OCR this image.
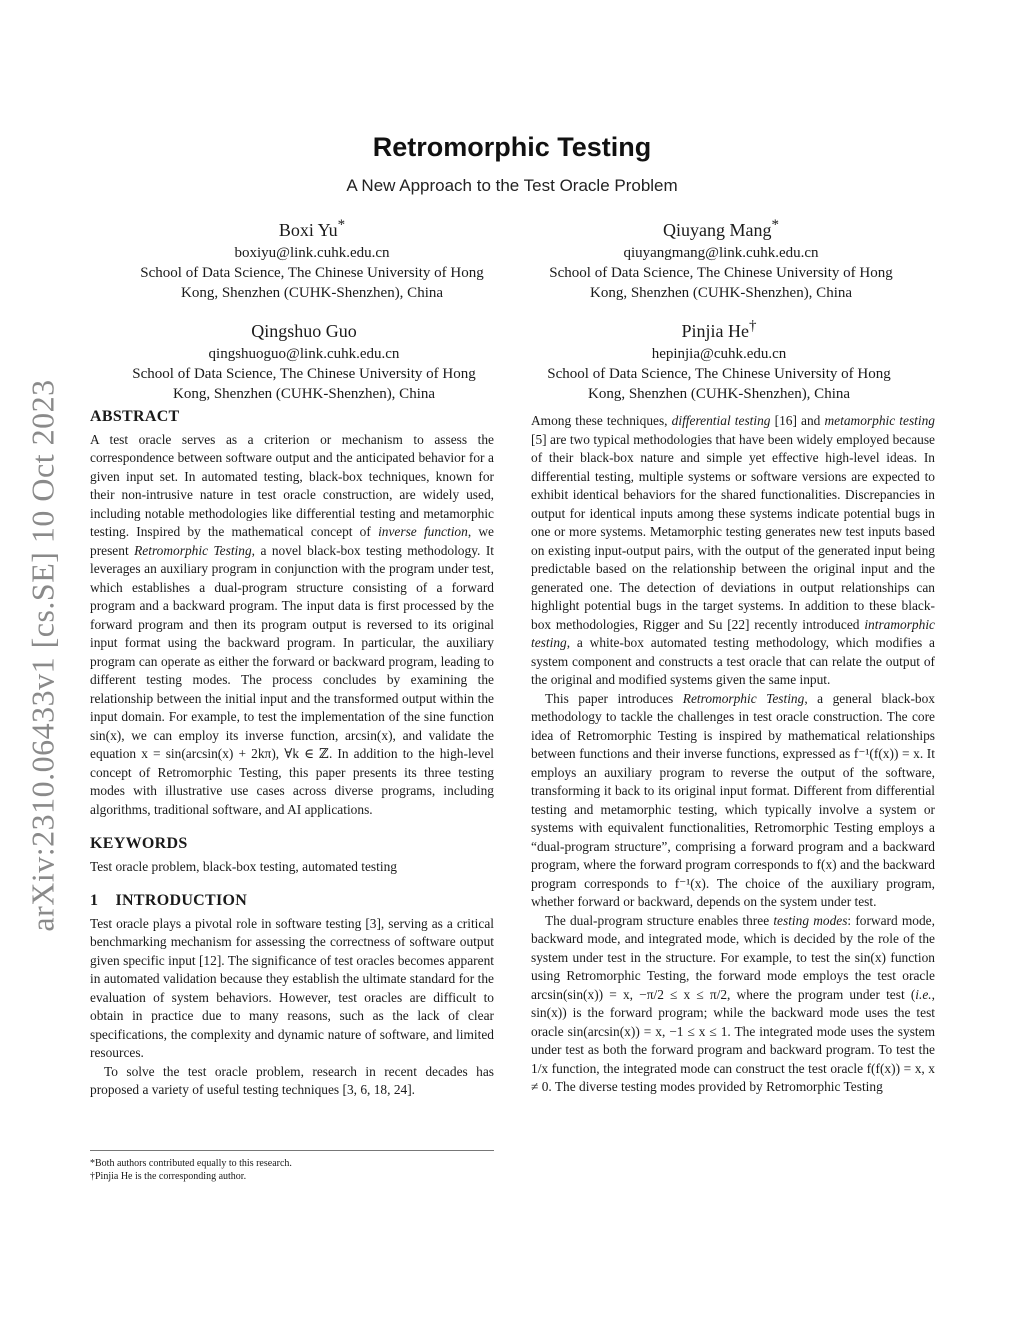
arXiv:2310.06433v1 [cs.SE] 10 Oct 2023
Retromorphic Testing
A New Approach to the Test Oracle Problem
Boxi Yu*
boxiyu@link.cuhk.edu.cn
School of Data Science, The Chinese University of Hong
Kong, Shenzhen (CUHK-Shenzhen), China
Qiuyang Mang*
qiuyangmang@link.cuhk.edu.cn
School of Data Science, The Chinese University of Hong
Kong, Shenzhen (CUHK-Shenzhen), China
Qingshuo Guo
qingshuoguo@link.cuhk.edu.cn
School of Data Science, The Chinese University of Hong
Kong, Shenzhen (CUHK-Shenzhen), China
Pinjia He†
hepinjia@cuhk.edu.cn
School of Data Science, The Chinese University of Hong
Kong, Shenzhen (CUHK-Shenzhen), China
ABSTRACT

A test oracle serves as a criterion or mechanism to assess the correspondence between software output and the anticipated behavior for a given input set. In automated testing, black-box techniques, known for their non-intrusive nature in test oracle construction, are widely used, including notable methodologies like differential testing and metamorphic testing. Inspired by the mathematical concept of inverse function, we present Retromorphic Testing, a novel black-box testing methodology. It leverages an auxiliary program in conjunction with the program under test, which establishes a dual-program structure consisting of a forward program and a backward program. The input data is first processed by the forward program and then its program output is reversed to its original input format using the backward program. In particular, the auxiliary program can operate as either the forward or backward program, leading to different testing modes. The process concludes by examining the relationship between the initial input and the transformed output within the input domain. For example, to test the implementation of the sine function sin(x), we can employ its inverse function, arcsin(x), and validate the equation x = sin(arcsin(x) + 2kπ), ∀k ∈ ℤ. In addition to the high-level concept of Retromorphic Testing, this paper presents its three testing modes with illustrative use cases across diverse programs, including algorithms, traditional software, and AI applications.

KEYWORDS

Test oracle problem, black-box testing, automated testing

1 INTRODUCTION

Test oracle plays a pivotal role in software testing [3], serving as a critical benchmarking mechanism for assessing the correctness of software output given specific input [12]. The significance of test oracles becomes apparent in automated validation because they establish the ultimate standard for the evaluation of system behaviors. However, test oracles are difficult to obtain in practice due to many reasons, such as the lack of clear specifications, the complexity and dynamic nature of software, and limited resources.

To solve the test oracle problem, research in recent decades has proposed a variety of useful testing techniques [3, 6, 18, 24].

*Both authors contributed equally to this research.
†Pinjia He is the corresponding author.

Among these techniques, differential testing [16] and metamorphic testing [5] are two typical methodologies that have been widely employed because of their black-box nature and simple yet effective high-level ideas. In differential testing, multiple systems or software versions are expected to exhibit identical behaviors for the shared functionalities. Discrepancies in output for identical inputs among these systems indicate potential bugs in one or more systems. Metamorphic testing generates new test inputs based on existing input-output pairs, with the output of the generated input being predictable based on the relationship between the original input and the generated one. The detection of deviations in output relationships can highlight potential bugs in the target systems. In addition to these black-box methodologies, Rigger and Su [22] recently introduced intramorphic testing, a white-box automated testing methodology, which modifies a system component and constructs a test oracle that can relate the output of the original and modified systems given the same input.

This paper introduces Retromorphic Testing, a general black-box methodology to tackle the challenges in test oracle construction. The core idea of Retromorphic Testing is inspired by mathematical relationships between functions and their inverse functions, expressed as f⁻¹(f(x)) = x. It employs an auxiliary program to reverse the output of the software, transforming it back to its original input format. Different from differential testing and metamorphic testing, which typically involve a system or systems with equivalent functionalities, Retromorphic Testing employs a “dual-program structure”, comprising a forward program and a backward program, where the forward program corresponds to f(x) and the backward program corresponds to f⁻¹(x). The choice of the auxiliary program, whether forward or backward, depends on the system under test.

The dual-program structure enables three testing modes: forward mode, backward mode, and integrated mode, which is decided by the role of the system under test in the structure. For example, to test the sin(x) function using Retromorphic Testing, the forward mode employs the test oracle arcsin(sin(x)) = x, −π/2 ≤ x ≤ π/2, where the program under test (i.e., sin(x)) is the forward program; while the backward mode uses the test oracle sin(arcsin(x)) = x, −1 ≤ x ≤ 1. The integrated mode uses the system under test as both the forward program and backward program. To test the 1/x function, the integrated mode can construct the test oracle f(f(x)) = x, x ≠ 0. The diverse testing modes provided by Retromorphic Testing
